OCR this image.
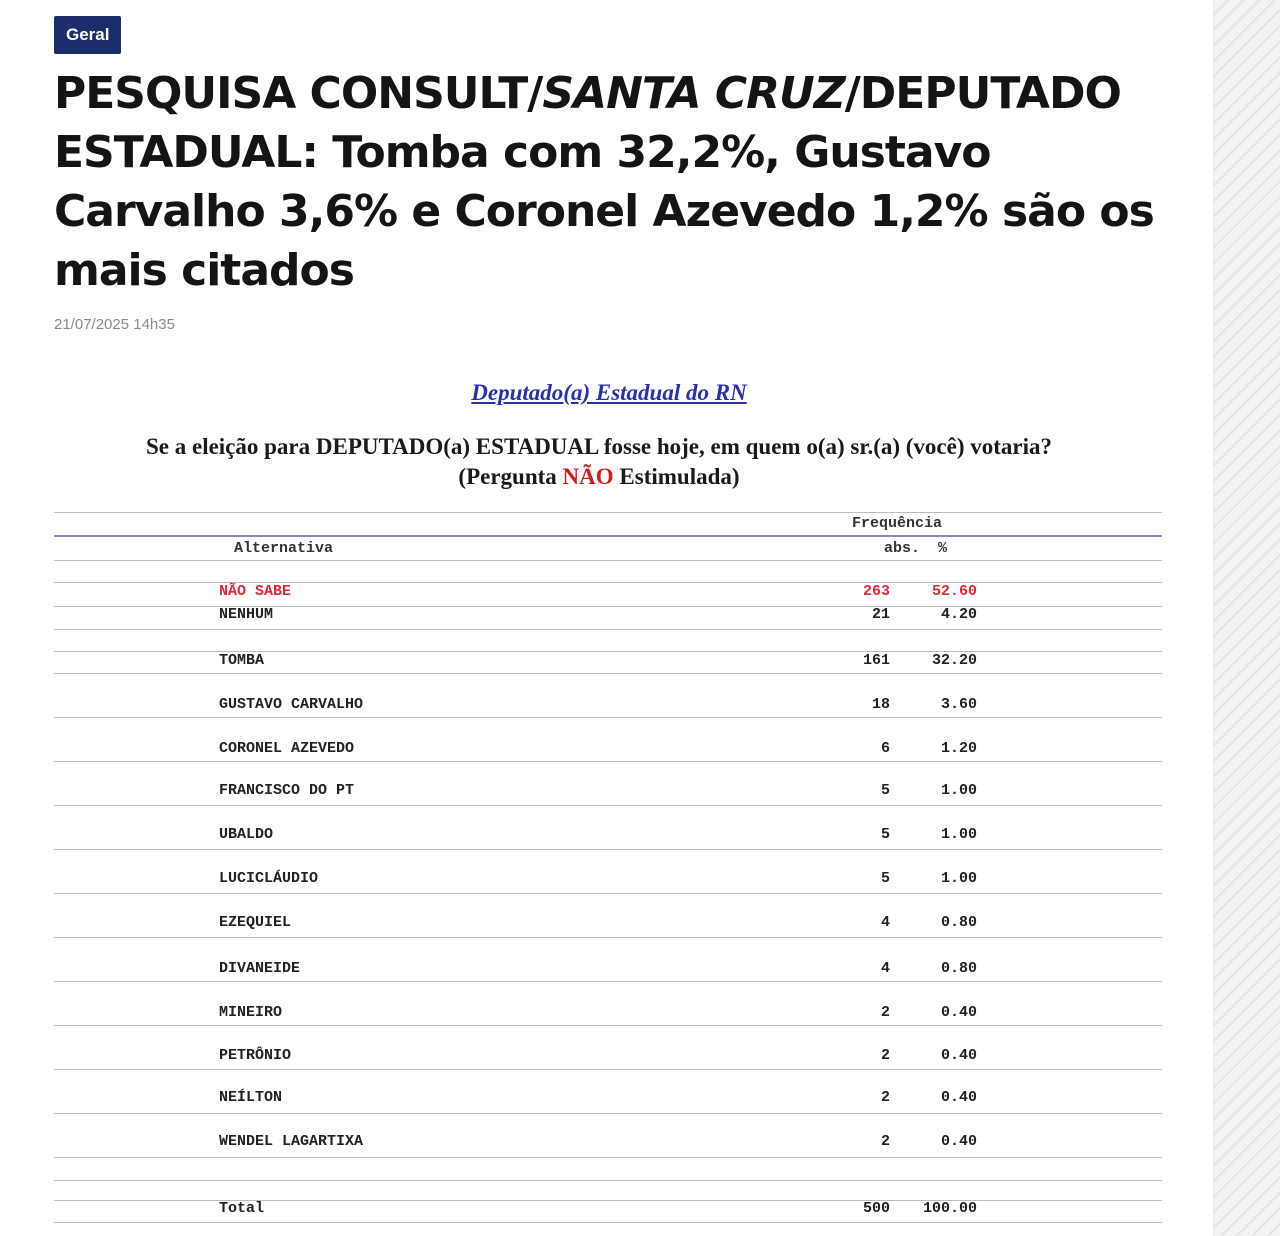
Geral
PESQUISA CONSULT/SANTA CRUZ/DEPUTADO ESTADUAL: Tomba com 32,2%, Gustavo Carvalho 3,6% e Coronel Azevedo 1,2% são os mais citados
21/07/2025 14h35
Deputado(a) Estadual do RN
Se a eleição para DEPUTADO(a) ESTADUAL fosse hoje, em quem o(a) sr.(a) (você) votaria?
(Pergunta NÃO Estimulada)
Frequência
Alternativa	abs.  %
NÃO SABE	263	52.60
NENHUM	21	4.20
TOMBA	161	32.20
GUSTAVO CARVALHO	18	3.60
CORONEL AZEVEDO	6	1.20
FRANCISCO DO PT	5	1.00
UBALDO	5	1.00
LUCICLÁUDIO	5	1.00
EZEQUIEL	4	0.80
DIVANEIDE	4	0.80
MINEIRO	2	0.40
PETRÔNIO	2	0.40
NEÍLTON	2	0.40
WENDEL LAGARTIXA	2	0.40
Total	500	100.00
